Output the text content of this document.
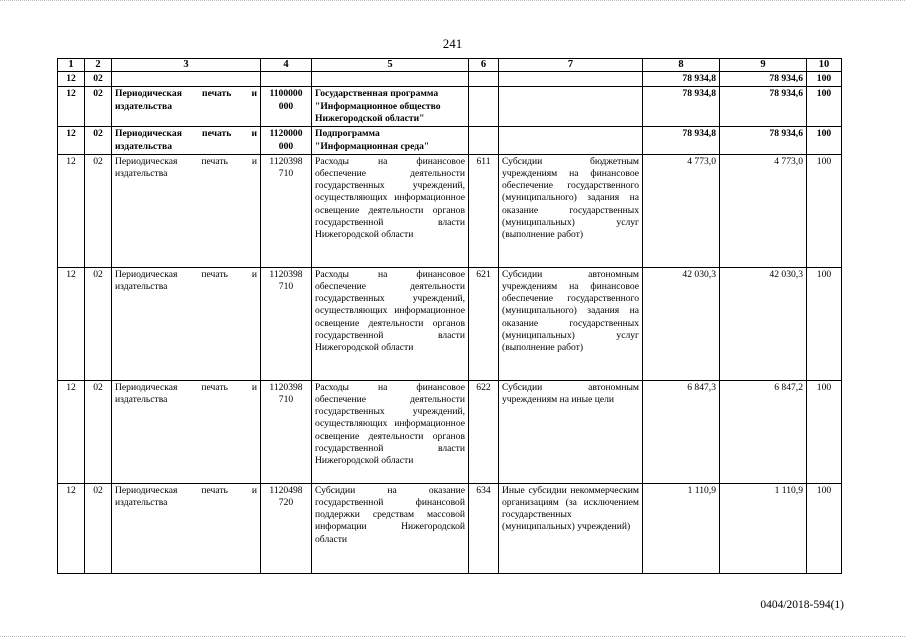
241
1	2	3	4	5	6	7	8	9	10
12	02						78 934,8	78 934,6	100
12	02	Периодическая печать и издательства	1100000 000	Государственная программа "Информационное общество Нижегородской области"			78 934,8	78 934,6	100
12	02	Периодическая печать и издательства	1120000 000	Подпрограмма "Информационная среда"			78 934,8	78 934,6	100
12	02	Периодическая печать и издательства	1120398 710	Расходы на финансовое обеспечение деятельности государственных учреждений, осуществляющих информационное освещение деятельности органов государственной власти Нижегородской области	611	Субсидии бюджетным учреждениям на финансовое обеспечение государственного (муниципального) задания на оказание государственных (муниципальных) услуг (выполнение работ)	4 773,0	4 773,0	100
12	02	Периодическая печать и издательства	1120398 710	Расходы на финансовое обеспечение деятельности государственных учреждений, осуществляющих информационное освещение деятельности органов государственной власти Нижегородской области	621	Субсидии автономным учреждениям на финансовое обеспечение государственного (муниципального) задания на оказание государственных (муниципальных) услуг (выполнение работ)	42 030,3	42 030,3	100
12	02	Периодическая печать и издательства	1120398 710	Расходы на финансовое обеспечение деятельности государственных учреждений, осуществляющих информационное освещение деятельности органов государственной власти Нижегородской области	622	Субсидии автономным учреждениям на иные цели	6 847,3	6 847,2	100
12	02	Периодическая печать и издательства	1120498 720	Субсидии на оказание государственной финансовой поддержки средствам массовой информации Нижегородской области	634	Иные субсидии некоммерческим организациям (за исключением государственных (муниципальных) учреждений)	1 110,9	1 110,9	100
0404/2018-594(1)
